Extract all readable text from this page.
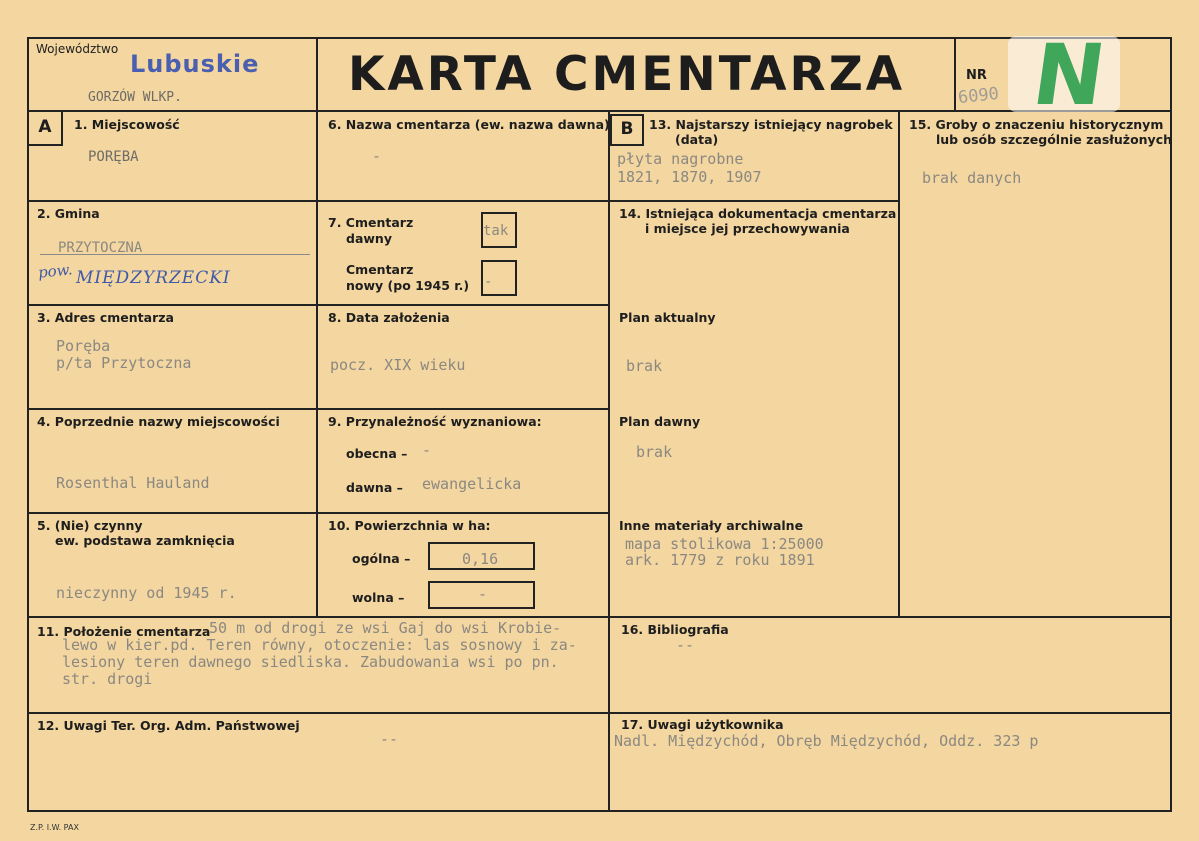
Województwo
Lubuskie
GORZÓW WLKP.	KARTA CMENTARZA	NR
6090 N
A	1. Miejscowość
PORĘBA
2. Gmina
PRZYTOCZNA
pow. MIĘDZYRZECKI
3. Adres cmentarza
Poręba
p/ta Przytoczna
4. Poprzednie nazwy miejscowości
Rosenthal Hauland
5. (Nie) czynny
ew. podstawa zamknięcia
nieczynny od 1945 r.
6. Nazwa cmentarza (ew. nazwa dawna)
-
7. Cmentarz
dawny	tak
Cmentarz
nowy (po 1945 r.) -
8. Data założenia
pocz. XIX wieku
9. Przynależność wyznaniowa:
obecna – -
dawna – ewangelicka
10. Powierzchnia w ha:
ogólna –	0,16
wolna –	-
B	13. Najstarszy istniejący nagrobek
(data)
płyta nagrobne
1821, 1870, 1907
14. Istniejąca dokumentacja cmentarza
i miejsce jej przechowywania
Plan aktualny
brak
Plan dawny
brak
Inne materiały archiwalne
mapa stolikowa 1:25000
ark. 1779 z roku 1891
15. Groby o znaczeniu historycznym
lub osób szczególnie zasłużonych
brak danych
11. Położenie cmentarza
50 m od drogi ze wsi Gaj do wsi Krobie-
lewo w kier.pd. Teren równy, otoczenie: las sosnowy i za-
lesiony teren dawnego siedliska. Zabudowania wsi po pn.
str. drogi
12. Uwagi Ter. Org. Adm. Państwowej
--
16. Bibliografia
--
17. Uwagi użytkownika
Nadl. Międzychód, Obręb Międzychód, Oddz. 323 p
Z.P. I.W. PAX
